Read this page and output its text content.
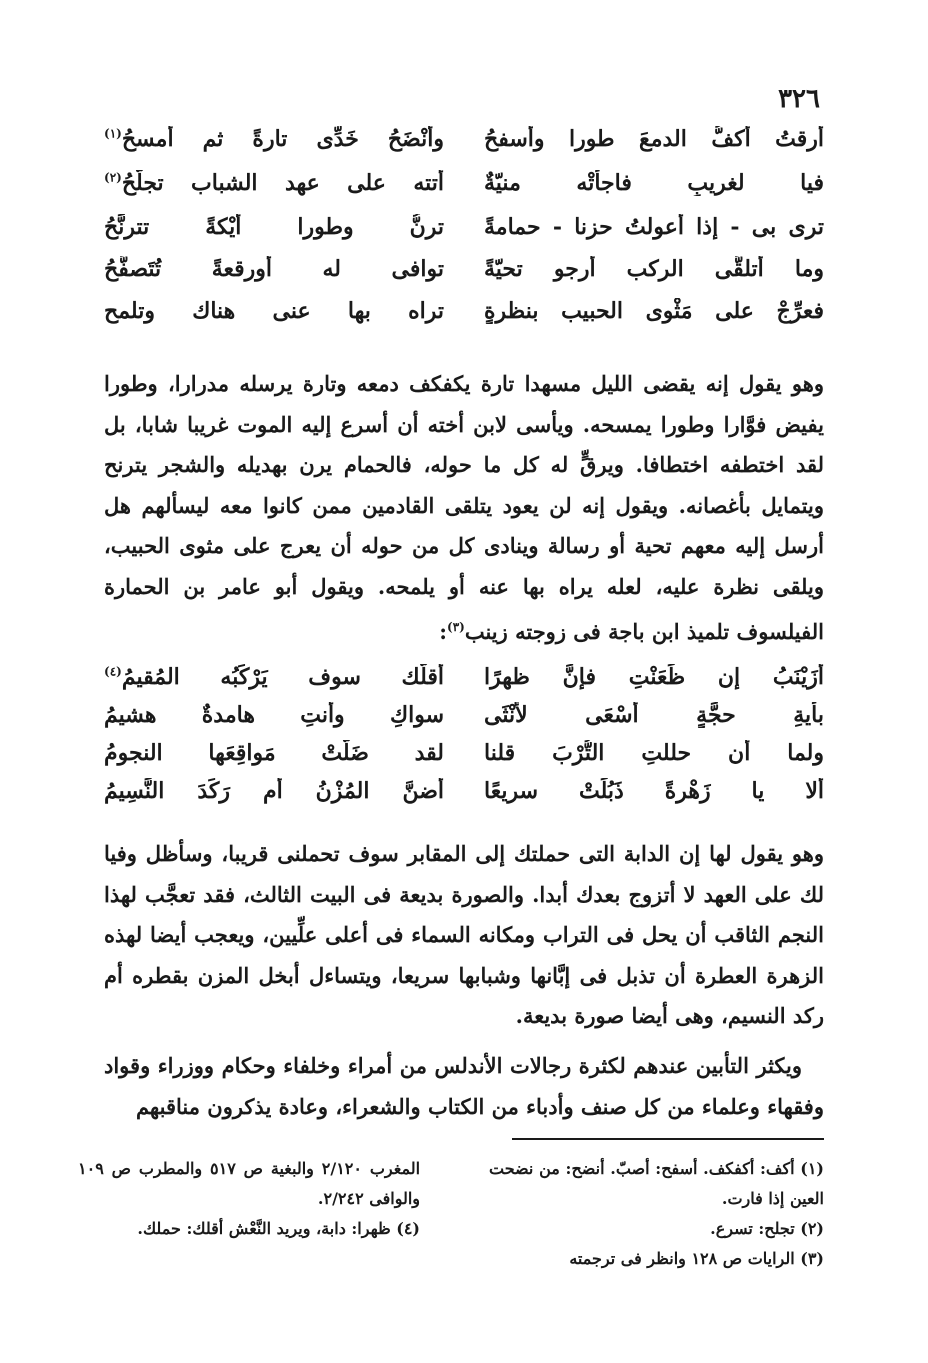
٣٢٦
أرقتُ أكفُّ الدمعَ طورا وأسفحُ
وأَنْضَحُ خَدِّى تارةً ثم أمسحُ$^{(١)}$
فيا لغريبٍ فاجأتْه منيّةٌ
أتته على عهد الشباب تجلَّحُ$^{(٢)}$
ترى بى - إذا أعولتُ حزنا - حمامةً
ترنُّ وطورا أَيْكةً تترنَّحُ
وما أتلقَّى الركب أرجو تحيّةً
توافى له أورقعةً تُتَصفَّحُ
فعرِّجْ على مَثْوى الحبيب بنظرةٍ
تراه بها عنى هناك وتلمح

وهو يقول إنه يقضى الليل مسهدا تارة يكفكف دمعه وتارة يرسله مدرارا، وطورا يفيض فوَّارا وطورا يمسحه. ويأسى لابن أخته أن أسرع إليه الموت غريبا شابا، بل لقد اختطفه اختطافا. ويرقٍّ له كل ما حوله، فالحمام يرن بهديله والشجر يترنح ويتمايل بأغصانه. ويقول إنه لن يعود يتلقى القادمين ممن كانوا معه ليسألهم هل أرسل إليه معهم تحية أو رسالة وينادى كل من حوله أن يعرج على مثوى الحبيب، ويلقى نظرة عليه، لعله يراه بها عنه أو يلمحه. ويقول أبو عامر بن الحمارة الفيلسوف تلميذ ابن باجة فى زوجته زينب$^{(٣)}$:

أَزَيْنَبُ إن ظَعَنْتِ فإنَّ ظهرًا
أقلَّك سوف يَرْكَبُه المُقيمُ$^{(٤)}$
بأيةِ حجَّةٍ أَسْعَى لأنْثَى
سواكِ وأنتِ هامدةٌ هشيمُ
ولما أن حللتِ التُّرْبَ قلنا
لقد ضَلَّتْ مَواقِعَها النجومُ
ألا يا زَهْرةً ذَبُلَتْ سريعًا
أضنَّ المُزْنُ أم رَكَدَ النَّسِيمُ

وهو يقول لها إن الدابة التى حملتك إلى المقابر سوف تحملنى قريبا، وسأظل وفيا لك على العهد لا أتزوج بعدك أبدا. والصورة بديعة فى البيت الثالث، فقد تعجَّب لهذا النجم الثاقب أن يحل فى التراب ومكانه السماء فى أعلى علِّيين، ويعجب أيضا لهذه الزهرة العطرة أن تذبل فى إبَّانها وشبابها سريعا، ويتساءل أبخل المزن بقطره أم ركد النسيم، وهى أيضا صورة بديعة.

ويكثر التأبين عندهم لكثرة رجالات الأندلس من أمراء وخلفاء وحكام ووزراء وقواد وفقهاء وعلماء من كل صنف وأدباء من الكتاب والشعراء، وعادة يذكرون مناقبهم

(١) أكف: أكفكف. أسفح: أصبّ. أنضح: من نضحت العين إذا فارت.
(٢) تجلح: تسرع.
(٣) الرايات ص ١٢٨ وانظر فى ترجمته
المغرب ٢/١٢٠ والبغية ص ٥١٧ والمطرب ص ١٠٩ والوافى ٢/٢٤٢.
(٤) ظهرا: دابة، ويريد النَّعْش أقلك: حملك.
